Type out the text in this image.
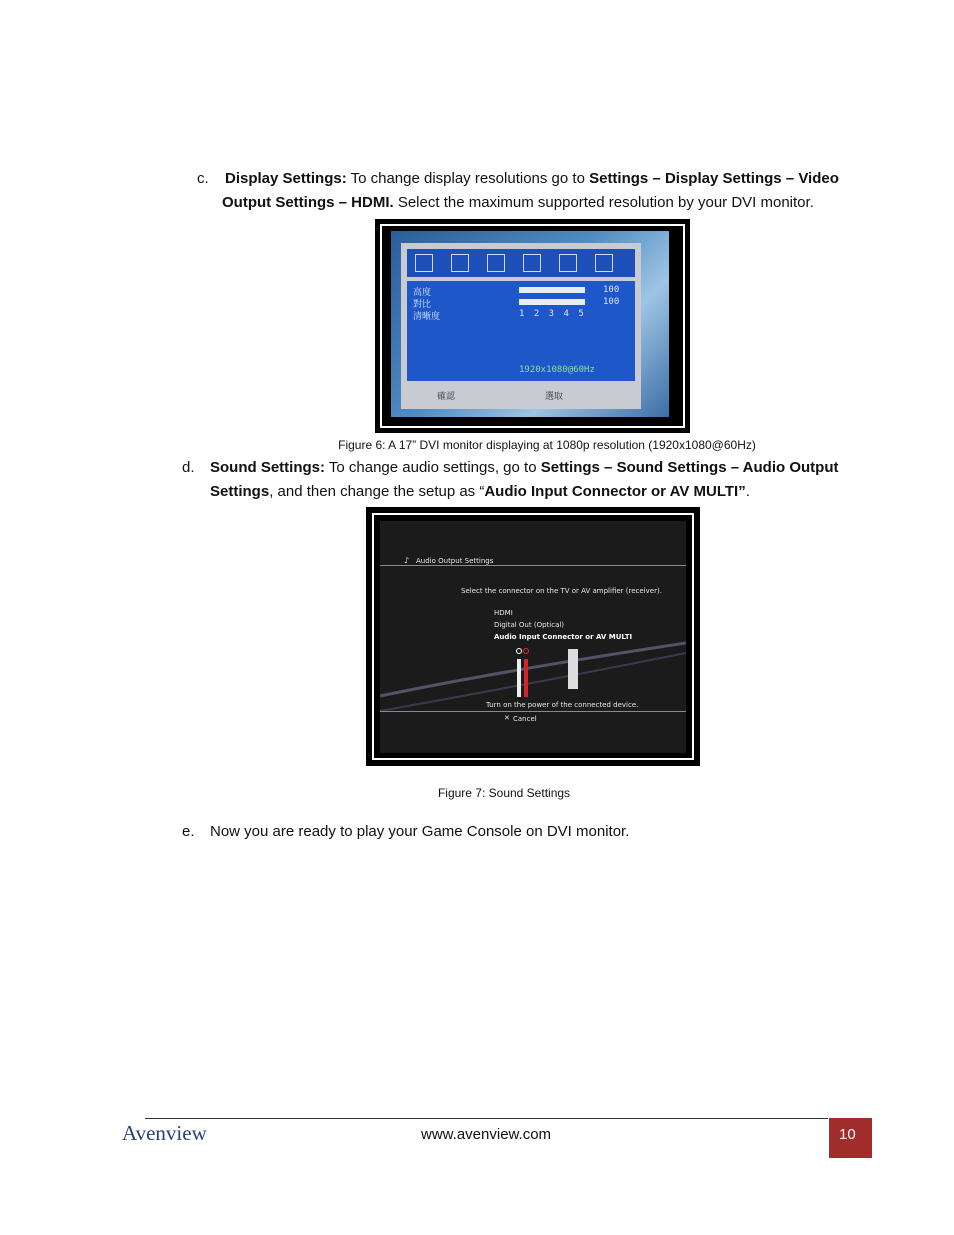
c. Display Settings: To change display resolutions go to Settings – Display Settings – Video
Output Settings – HDMI. Select the maximum supported resolution by your DVI monitor.
高度	100
對比	100
清晰度	1 2 3 4 5
1920x1080@60Hz
確認	選取
Figure 6: A 17” DVI monitor displaying at 1080p resolution (1920x1080@60Hz)
d. Sound Settings: To change audio settings, go to Settings – Sound Settings – Audio Output
Settings, and then change the setup as “Audio Input Connector or AV MULTI”.
♪ Audio Output Settings
Select the connector on the TV or AV amplifier (receiver).
HDMI
Digital Out (Optical)
Audio Input Connector or AV MULTI
Turn on the power of the connected device.
✕ Cancel
Figure 7: Sound Settings
e. Now you are ready to play your Game Console on DVI monitor.
Avenview	www.avenview.com	10
